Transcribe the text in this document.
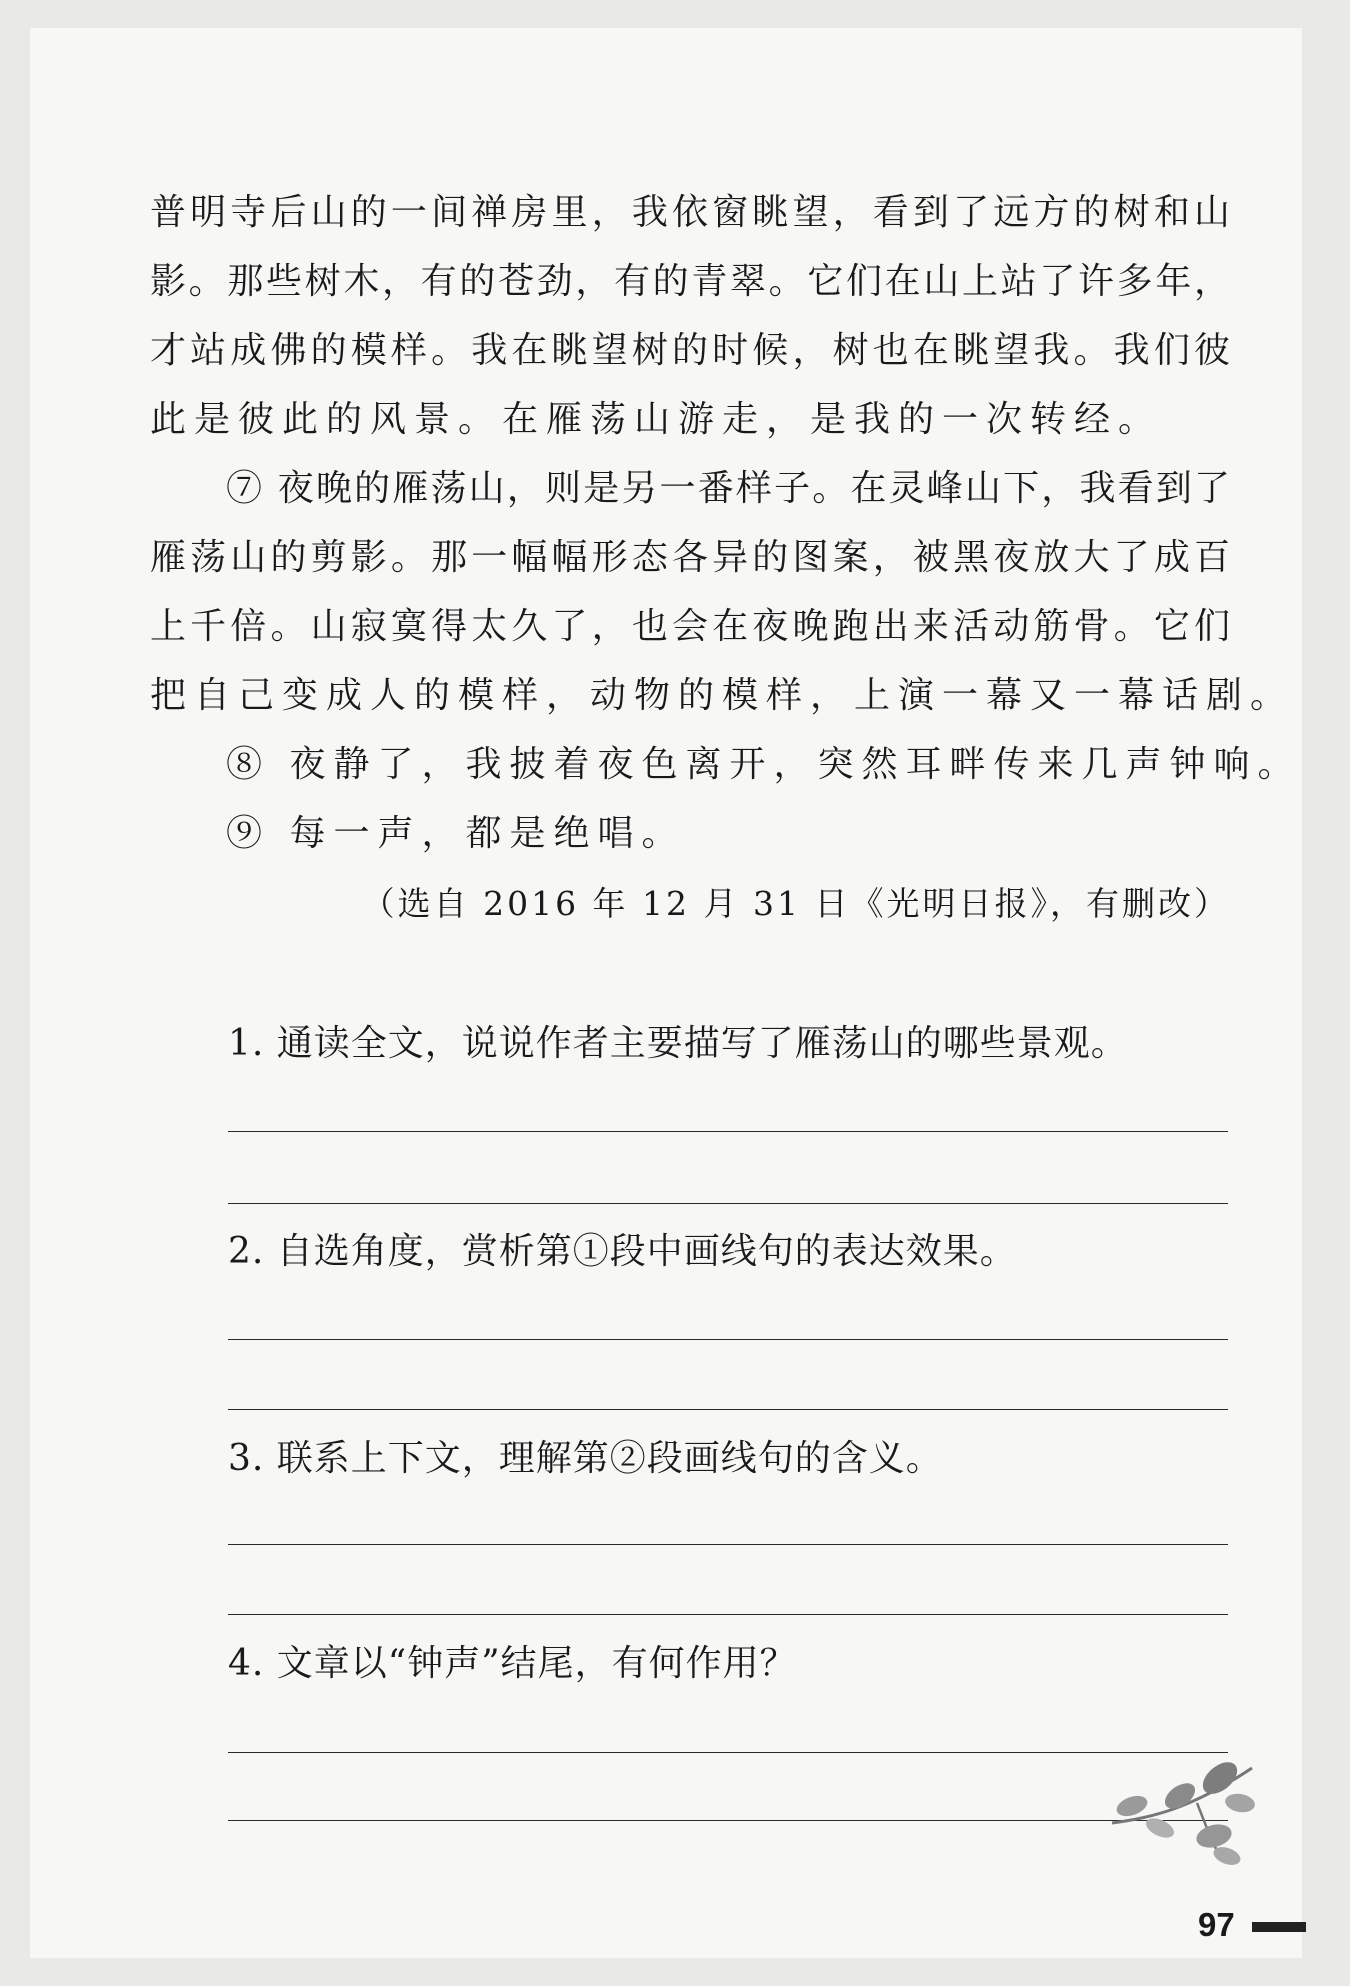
普明寺后山的一间禅房里，我依窗眺望，看到了远方的树和山
影。那些树木，有的苍劲，有的青翠。它们在山上站了许多年，
才站成佛的模样。我在眺望树的时候，树也在眺望我。我们彼
此是彼此的风景。在雁荡山游走，是我的一次转经。
⑦ 夜晚的雁荡山，则是另一番样子。在灵峰山下，我看到了
雁荡山的剪影。那一幅幅形态各异的图案，被黑夜放大了成百
上千倍。山寂寞得太久了，也会在夜晚跑出来活动筋骨。它们
把自己变成人的模样，动物的模样，上演一幕又一幕话剧。
⑧ 夜静了，我披着夜色离开，突然耳畔传来几声钟响。
⑨ 每一声，都是绝唱。
（选自 2016 年 12 月 31 日《光明日报》，有删改）
1. 通读全文，说说作者主要描写了雁荡山的哪些景观。
2. 自选角度，赏析第①段中画线句的表达效果。
3. 联系上下文，理解第②段画线句的含义。
4. 文章以“钟声”结尾，有何作用？
97
